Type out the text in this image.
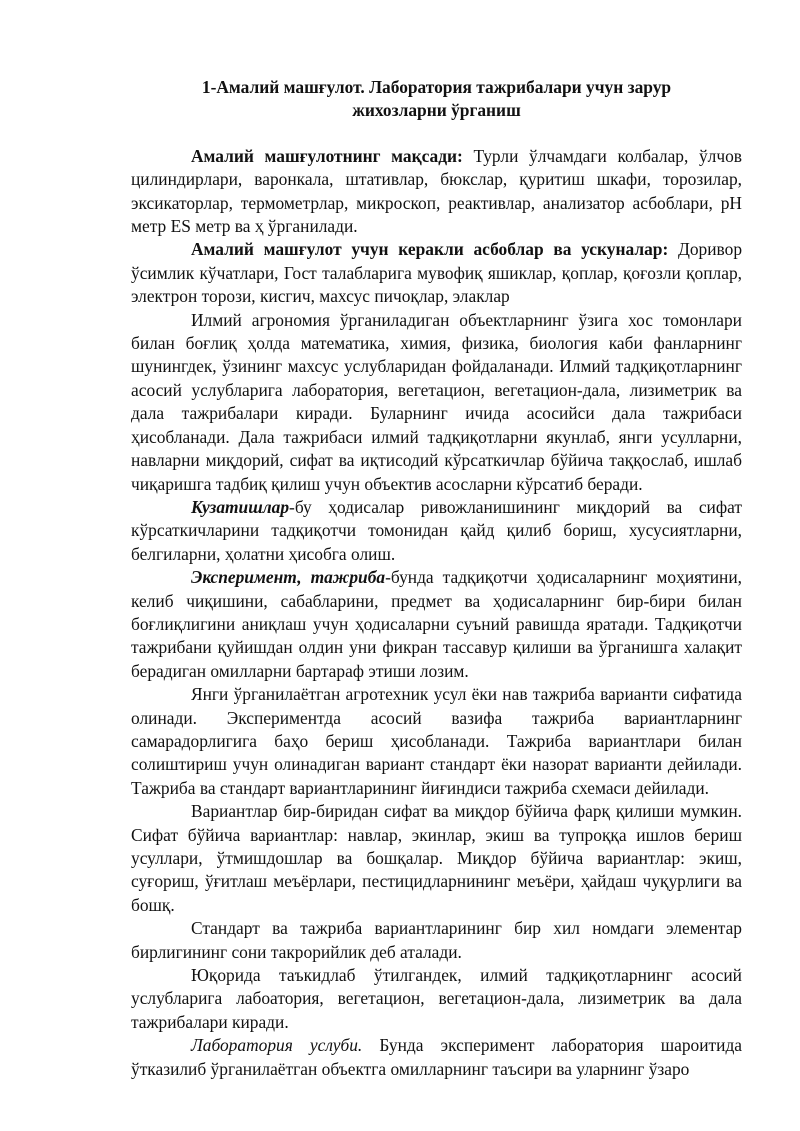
1-Амалий машғулот. Лаборатория тажрибалари учун зарур
жихозларни ўрганиш

Амалий машғулотнинг мақсади: Турли ўлчамдаги колбалар, ўлчов цилиндирлари, варонкала, штативлар, бюкслар, қуритиш шкафи, торозилар, эксикаторлар, термометрлар, микроскоп, реактивлар, анализатор асбоблари, pH метр ES метр ва ҳ ўрганилади.

Амалий машғулот учун керакли асбоблар ва ускуналар: Доривор ўсимлик кўчатлари, Гост талабларига мувофиқ яшиклар, қоплар, қоғозли қоплар, электрон торози, кисгич, махсус пичоқлар, элаклар

Илмий агрономия ўрганиладиган объектларнинг ўзига хос томонлари билан боғлиқ ҳолда математика, химия, физика, биология каби фанларнинг шунингдек, ўзининг махсус услубларидан фойдаланади. Илмий тадқиқотларнинг асосий услубларига лаборатория, вегетацион, вегетацион-дала, лизиметрик ва дала тажрибалари киради. Буларнинг ичида асосийси дала тажрибаси ҳисобланади. Дала тажрибаси илмий тадқиқотларни якунлаб, янги усулларни, навларни миқдорий, сифат ва иқтисодий кўрсаткичлар бўйича таққослаб, ишлаб чиқаришга тадбиқ қилиш учун объектив асосларни кўрсатиб беради.

Кузатишлар-бу ҳодисалар ривожланишининг миқдорий ва сифат кўрсаткичларини тадқиқотчи томонидан қайд қилиб бориш, хусусиятларни, белгиларни, ҳолатни ҳисобга олиш.

Эксперимент, тажриба-бунда тадқиқотчи ҳодисаларнинг моҳиятини, келиб чиқишини, сабабларини, предмет ва ҳодисаларнинг бир-бири билан боғлиқлигини аниқлаш учун ҳодисаларни суъний равишда яратади. Тадқиқотчи тажрибани қуйишдан олдин уни фикран тассавур қилиши ва ўрганишга халақит берадиган омилларни бартараф этиши лозим.

Янги ўрганилаётган агротехник усул ёки нав тажриба варианти сифатида олинади. Экспериментда асосий вазифа тажриба вариантларнинг самарадорлигига баҳо бериш ҳисобланади. Тажриба вариантлари билан солиштириш учун олинадиган вариант стандарт ёки назорат варианти дейилади. Тажриба ва стандарт вариантларининг йиғиндиси тажриба схемаси дейилади.

Вариантлар бир-биридан сифат ва миқдор бўйича фарқ қилиши мумкин. Сифат бўйича вариантлар: навлар, экинлар, экиш ва тупроққа ишлов бериш усуллари, ўтмишдошлар ва бошқалар. Миқдор бўйича вариантлар: экиш, суғориш, ўғитлаш меъёрлари, пестицидларнининг меъёри, ҳайдаш чуқурлиги ва бошқ.

Стандарт ва тажриба вариантларининг бир хил номдаги элементар бирлигининг сони такрорийлик деб аталади.

Юқорида таъкидлаб ўтилгандек, илмий тадқиқотларнинг асосий услубларига лабоатория, вегетацион, вегетацион-дала, лизиметрик ва дала тажрибалари киради.

Лаборатория услуби. Бунда эксперимент лаборатория шароитида ўтказилиб ўрганилаётган объектга омилларнинг таъсири ва уларнинг ўзаро
